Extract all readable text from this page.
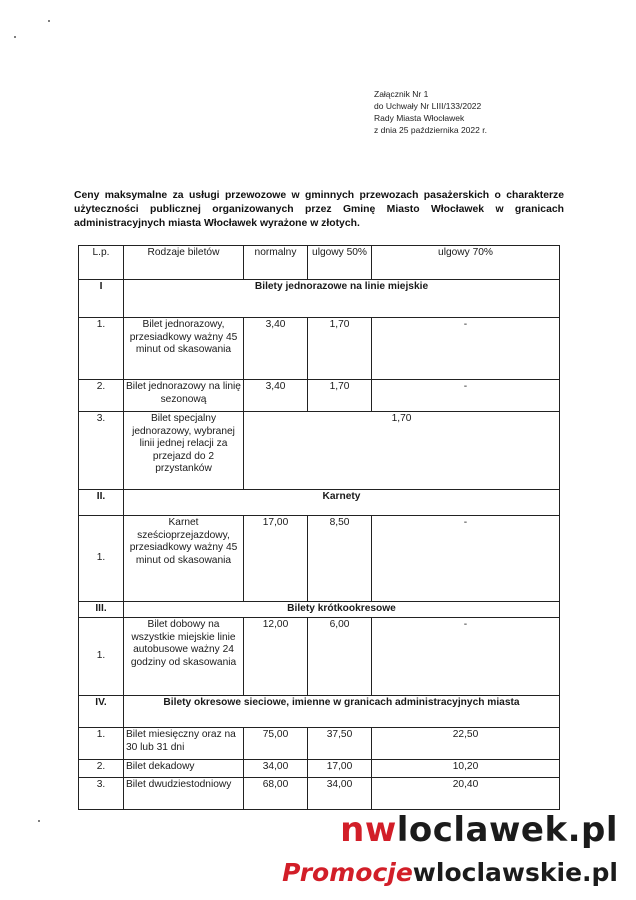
Załącznik Nr 1
do Uchwały Nr LIII/133/2022
Rady Miasta Włocławek
z dnia 25 października 2022 r.
Ceny maksymalne za usługi przewozowe w gminnych przewozach pasażerskich o charakterze użyteczności publicznej organizowanych przez Gminę Miasto Włocławek w granicach administracyjnych miasta Włocławek wyrażone w złotych.
L.p.	Rodzaje biletów	normalny	ulgowy 50%	ulgowy 70%
I	Bilety jednorazowe na linie miejskie			
1.	Bilet jednorazowy, przesiadkowy ważny 45 minut od skasowania	3,40	1,70	-
2.	Bilet jednorazowy na linię sezonową	3,40	1,70	-
3.	Bilet specjalny jednorazowy, wybranej linii jednej relacji za przejazd do 2 przystanków	1,70		
II.	Karnety			
1.	Karnet sześcioprzejazdowy, przesiadkowy ważny 45 minut od skasowania	17,00	8,50	-
III.	Bilety krótkookresowe			
1.	Bilet dobowy na wszystkie miejskie linie autobusowe ważny 24 godziny od skasowania	12,00	6,00	-
IV.	Bilety okresowe sieciowe, imienne w granicach administracyjnych miasta			
1.	Bilet miesięczny oraz na 30 lub 31 dni	75,00	37,50	22,50
2.	Bilet dekadowy	34,00	17,00	10,20
3.	Bilet dwudziestodniowy	68,00	34,00	20,40
nwloclawek.pl
Promocjewloclawskie.pl
